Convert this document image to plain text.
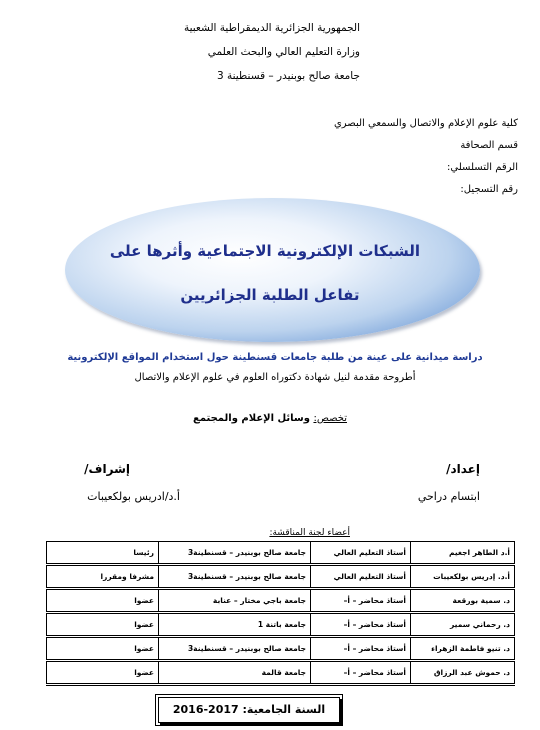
الجمهورية الجزائرية الديمقراطية الشعبية
وزارة التعليم العالي والبحث العلمي
جامعة صالح بوبنيدر – قسنطينة 3
كلية علوم الإعلام والاتصال والسمعي البصري
قسم الصحافة
الرقم التسلسلي:
رقم التسجيل:
الشبكات الإلكترونية الاجتماعية وأثرها على
تفاعل الطلبة الجزائريين
دراسة ميدانية على عينة من طلبة جامعات قسنطينة حول استخدام المواقع الإلكترونية
أطروحة مقدمة لنيل شهادة دكتوراه العلوم في علوم الإعلام والاتصال
تخصص: وسائل الإعلام والمجتمع
إعداد/
ابتسام دراحي
إشراف/
أ.د/ادريس بولكعيبات
أعضاء لجنة المناقشة:
أ.د الطاهر اجغيم	أستاذ التعليم العالي	جامعة صالح بوبنيدر – قسنطينة3	رئيسا
أ.د. إدريس بولكعيبات	أستاذ التعليم العالي	جامعة صالح بوبنيدر – قسنطينة3	مشرفا ومقررا
د. سمية بورقعة	أستاذ محاضر – أ–	جامعة باجي مختار – عنابة	عضوا
د. رحماني سمير	أستاذ محاضر – أ–	جامعة باتنة 1	عضوا
د. تنيو فاطمة الزهراء	أستاذ محاضر – أ–	جامعة صالح بوبنيدر – قسنطينة3	عضوا
د. حموش عبد الرزاق	أستاذ محاضر – أ–	جامعة قالمة	عضوا
السنة الجامعية: 2016-2017
